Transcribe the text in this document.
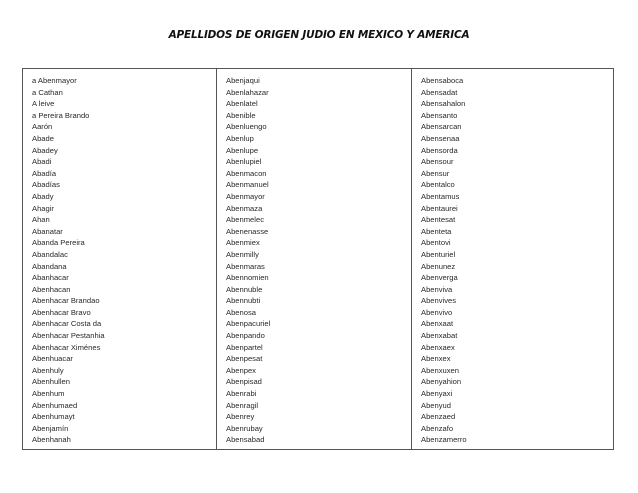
APELLIDOS DE ORIGEN JUDIO EN MEXICO Y AMERICA
a Abenmayor
a Cathan
A leive
a Pereira Brando
Aarón
Abade
Abadey
Abadi
Abadía
Abadías
Abady
Ahagir
Ahan
Abanatar
Abanda Pereira
Abandalac
Abandana
Abanhacar
Abenhacan
Abenhacar Brandao
Abenhacar Bravo
Abenhacar Costa da
Abenhacar Pestanhia
Abenhacar Ximénes
Abenhuacar
Abenhuly
Abenhullen
Abenhum
Abenhumaed
Abenhumayt
Abenjamín
Abenhanah
Abenjaqui
Abenlahazar
Abenlatel
Abenible
Abenluengo
Abenlup
Abenlupe
Abenlupiel
Abenmacon
Abenmanuel
Abenmayor
Abenmaza
Abenmelec
Abenenasse
Abenmiex
Abenmilly
Abenmaras
Abennomien
Abennuble
Abennubti
Abenosa
Abenpacuriel
Abenpando
Abenpartel
Abenpesat
Abenpex
Abenpisad
Abenrabi
Abenragil
Abenrey
Abenrubay
Abensabad
Abensaboca
Abensadat
Abensahalon
Abensanto
Abensarcan
Abensenaa
Abensorda
Abensour
Abensur
Abentalco
Abentamus
Abentaurei
Abentesat
Abenteta
Abentovi
Abenturiel
Abenunez
Abenverga
Abenviva
Abenvives
Abenvivo
Abenxaat
Abenxabat
Abenxaex
Abenxex
Abenxuxen
Abenyahion
Abenyaxi
Abenyud
Abenzaed
Abenzafo
Abenzamerro
